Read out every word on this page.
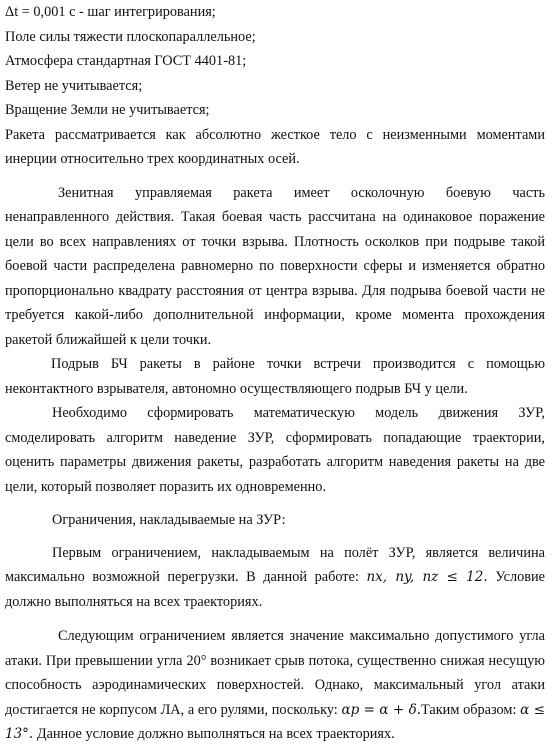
Δt = 0,001 с - шаг интегрирования;

Поле силы тяжести плоскопараллельное;

Атмосфера стандартная ГОСТ 4401-81;

Ветер не учитывается;

Вращение Земли не учитывается;

Ракета рассматривается как абсолютно жесткое тело с неизменными моментами инерции относительно трех координатных осей.

Зенитная управляемая ракета имеет осколочную боевую часть ненаправленного действия. Такая боевая часть рассчитана на одинаковое поражение цели во всех направлениях от точки взрыва. Плотность осколков при подрыве такой боевой части распределена равномерно по поверхности сферы и изменяется обратно пропорционально квадрату расстояния от центра взрыва. Для подрыва боевой части не требуется какой-либо дополнительной информации, кроме момента прохождения ракетой ближайшей к цели точки.

Подрыв БЧ ракеты в районе точки встречи производится с помощью неконтактного взрывателя, автономно осуществляющего подрыв БЧ у цели.

Необходимо сформировать математическую модель движения ЗУР, смоделировать алгоритм наведение ЗУР, сформировать попадающие траектории, оценить параметры движения ракеты, разработать алгоритм наведения ракеты на две цели, который позволяет поразить их одновременно.

Ограничения, накладываемые на ЗУР:

Первым ограничением, накладываемым на полёт ЗУР, является величина максимально возможной перегрузки. В данной работе: nx, ny, nz ≤ 12. Условие должно выполняться на всех траекториях.

Следующим ограничением является значение максимально допустимого угла атаки. При превышении угла 20° возникает срыв потока, существенно снижая несущую способность аэродинамических поверхностей. Однако, максимальный угол атаки достигается не корпусом ЛА, а его рулями, поскольку: αр = α + δ.Таким образом: α ≤ 13°. Данное условие должно выполняться на всех траекториях.
